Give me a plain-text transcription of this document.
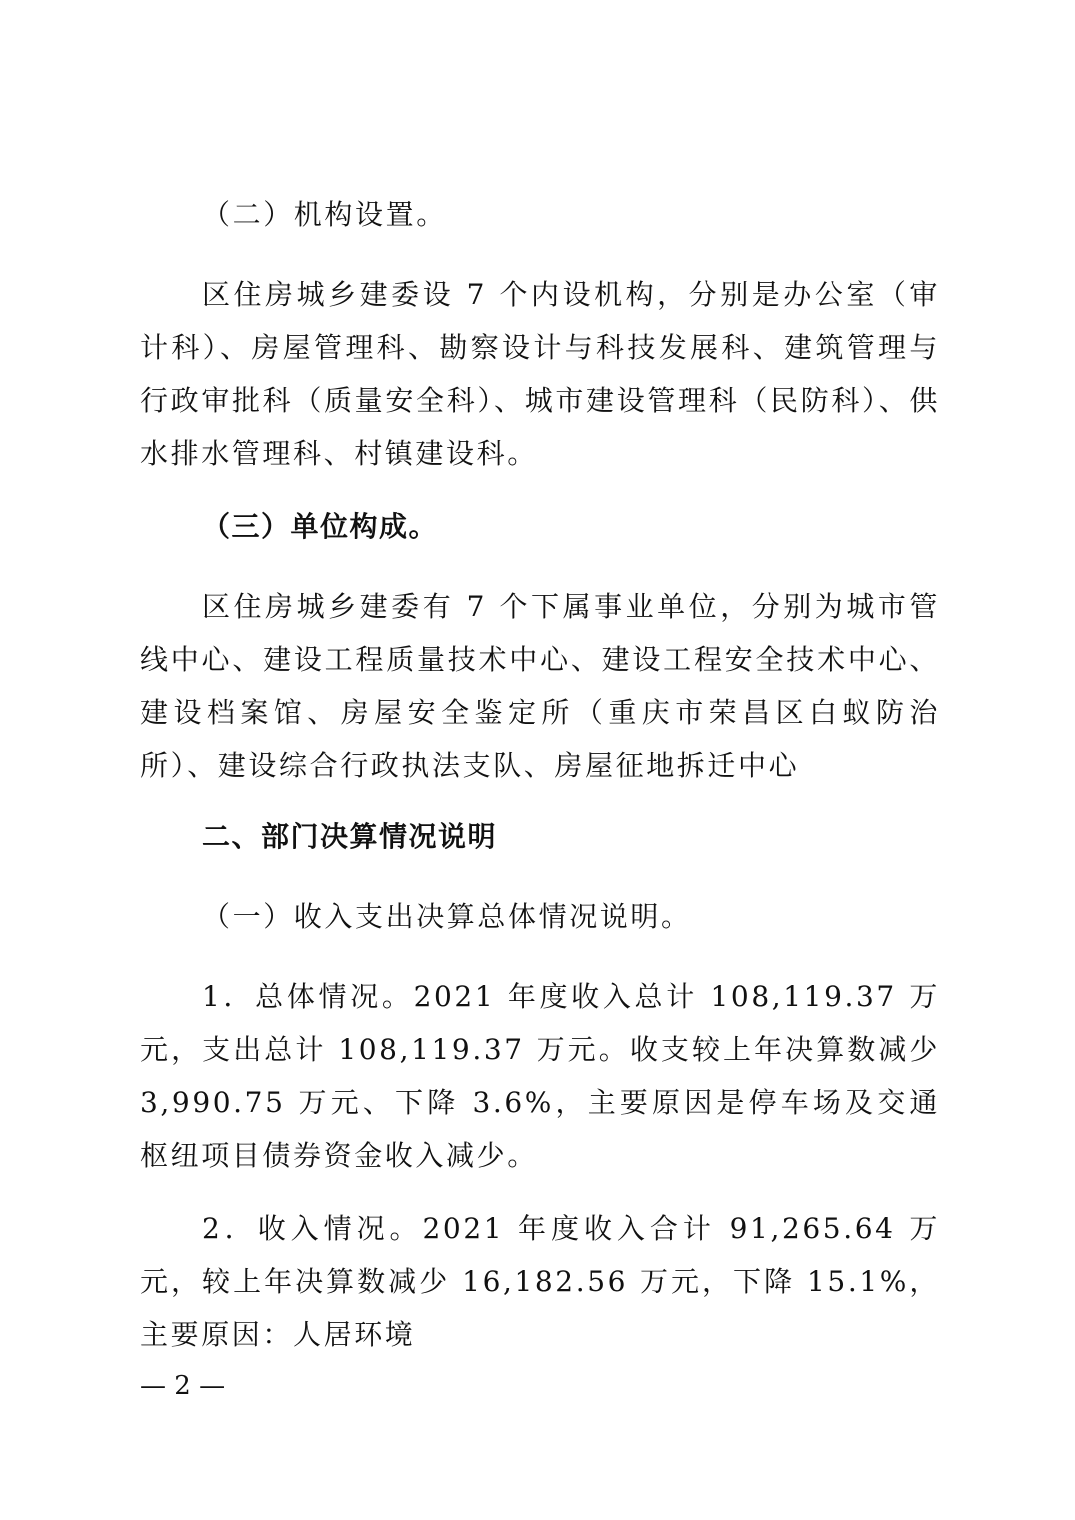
（二）机构设置。

区住房城乡建委设 7 个内设机构，分别是办公室（审计科）、房屋管理科、勘察设计与科技发展科、建筑管理与行政审批科（质量安全科）、城市建设管理科（民防科）、供水排水管理科、村镇建设科。

（三）单位构成。

区住房城乡建委有 7 个下属事业单位，分别为城市管线中心、建设工程质量技术中心、建设工程安全技术中心、建设档案馆、房屋安全鉴定所（重庆市荣昌区白蚁防治所）、建设综合行政执法支队、房屋征地拆迁中心

二、部门决算情况说明

（一）收入支出决算总体情况说明。

1．总体情况。2021 年度收入总计 108,119.37 万元，支出总计 108,119.37 万元。收支较上年决算数减少 3,990.75 万元、下降 3.6%，主要原因是停车场及交通枢纽项目债券资金收入减少。

2．收入情况。2021 年度收入合计 91,265.64 万元，较上年决算数减少 16,182.56 万元，下降 15.1%，主要原因：人居环境

— 2 —
